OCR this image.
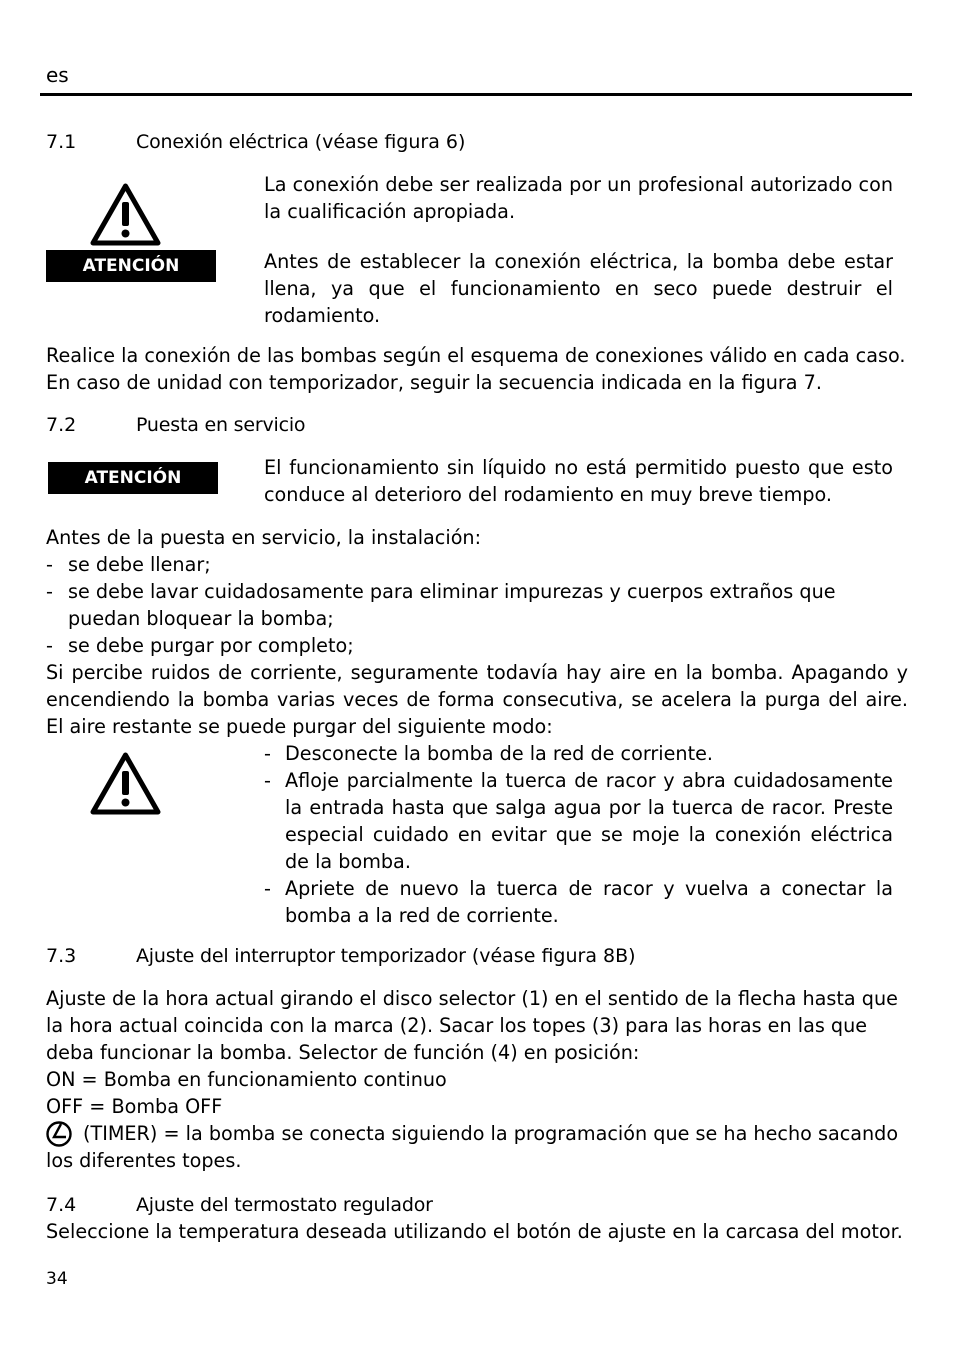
es
7.1	Conexión eléctrica (véase figura 6)
ATENCIÓN
La conexión debe ser realizada por un profesional autorizado con la cualificación apropiada.
Antes de establecer la conexión eléctrica, la bomba debe estar llena, ya que el funcionamiento en seco puede destruir el rodamiento.
Realice la conexión de las bombas según el esquema de conexiones válido en cada caso.
En caso de unidad con temporizador, seguir la secuencia indicada en la figura 7.
7.2	Puesta en servicio
ATENCIÓN	El funcionamiento sin líquido no está permitido puesto que esto conduce al deterioro del rodamiento en muy breve tiempo.
Antes de la puesta en servicio, la instalación:
- se debe llenar;
- se debe lavar cuidadosamente para eliminar impurezas y cuerpos extraños que puedan bloquear la bomba;
- se debe purgar por completo;
Si percibe ruidos de corriente, seguramente todavía hay aire en la bomba. Apagando y encendiendo la bomba varias veces de forma consecutiva, se acelera la purga del aire. El aire restante se puede purgar del siguiente modo:
- Desconecte la bomba de la red de corriente.
- Afloje parcialmente la tuerca de racor y abra cuidadosamente la entrada hasta que salga agua por la tuerca de racor. Preste especial cuidado en evitar que se moje la conexión eléctrica de la bomba.
- Apriete de nuevo la tuerca de racor y vuelva a conectar la bomba a la red de corriente.
7.3	Ajuste del interruptor temporizador (véase figura 8B)
Ajuste de la hora actual girando el disco selector (1) en el sentido de la flecha hasta que la hora actual coincida con la marca (2). Sacar los topes (3) para las horas en las que deba funcionar la bomba. Selector de función (4) en posición:
ON = Bomba en funcionamiento continuo
OFF = Bomba OFF
(TIMER) = la bomba se conecta siguiendo la programación que se ha hecho sacando los diferentes topes.
7.4	Ajuste del termostato regulador
Seleccione la temperatura deseada utilizando el botón de ajuste en la carcasa del motor.
34
